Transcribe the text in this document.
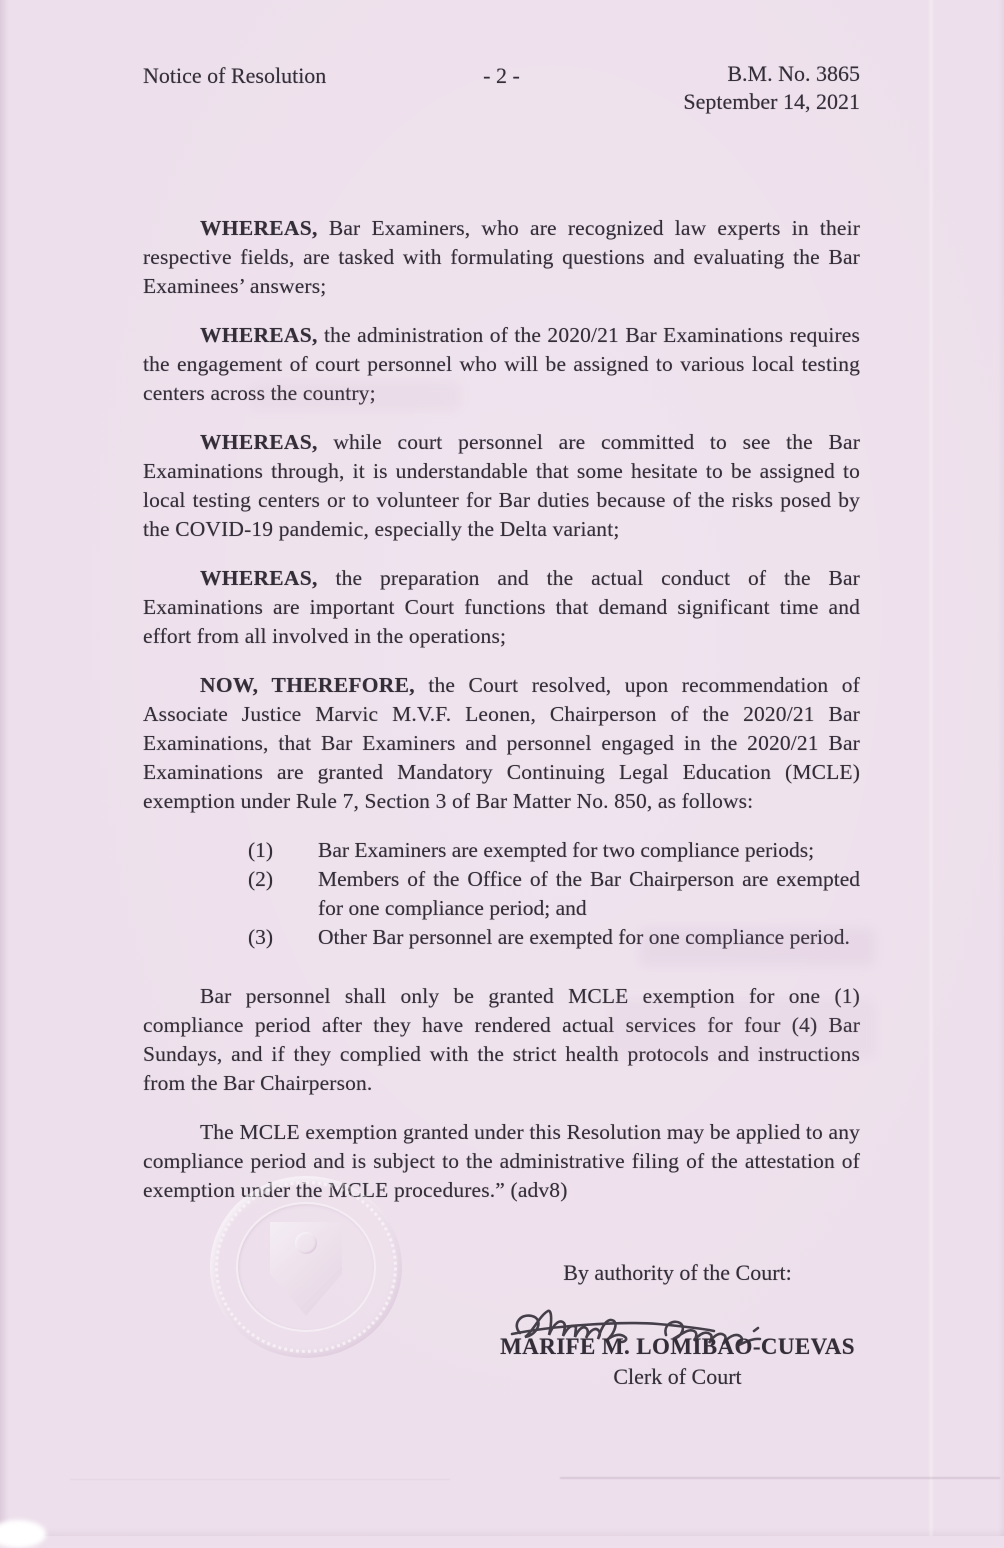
Notice of Resolution	- 2 -	B.M. No. 3865
September 14, 2021

WHEREAS, Bar Examiners, who are recognized law experts in their respective fields, are tasked with formulating questions and evaluating the Bar Examinees’ answers;

WHEREAS, the administration of the 2020/21 Bar Examinations requires the engagement of court personnel who will be assigned to various local testing centers across the country;

WHEREAS, while court personnel are committed to see the Bar Examinations through, it is understandable that some hesitate to be assigned to local testing centers or to volunteer for Bar duties because of the risks posed by the COVID-19 pandemic, especially the Delta variant;

WHEREAS, the preparation and the actual conduct of the Bar Examinations are important Court functions that demand significant time and effort from all involved in the operations;

NOW, THEREFORE, the Court resolved, upon recommendation of Associate Justice Marvic M.V.F. Leonen, Chairperson of the 2020/21 Bar Examinations, that Bar Examiners and personnel engaged in the 2020/21 Bar Examinations are granted Mandatory Continuing Legal Education (MCLE) exemption under Rule 7, Section 3 of Bar Matter No. 850, as follows:

(1)	Bar Examiners are exempted for two compliance periods;
(2)	Members of the Office of the Bar Chairperson are exempted for one compliance period; and
(3)	Other Bar personnel are exempted for one compliance period.

Bar personnel shall only be granted MCLE exemption for one (1) compliance period after they have rendered actual services for four (4) Bar Sundays, and if they complied with the strict health protocols and instructions from the Bar Chairperson.

The MCLE exemption granted under this Resolution may be applied to any compliance period and is subject to the administrative filing of the attestation of exemption under the MCLE procedures.” (adv8)

By authority of the Court:
MARIFE M. LOMIBAO-CUEVAS
Clerk of Court
